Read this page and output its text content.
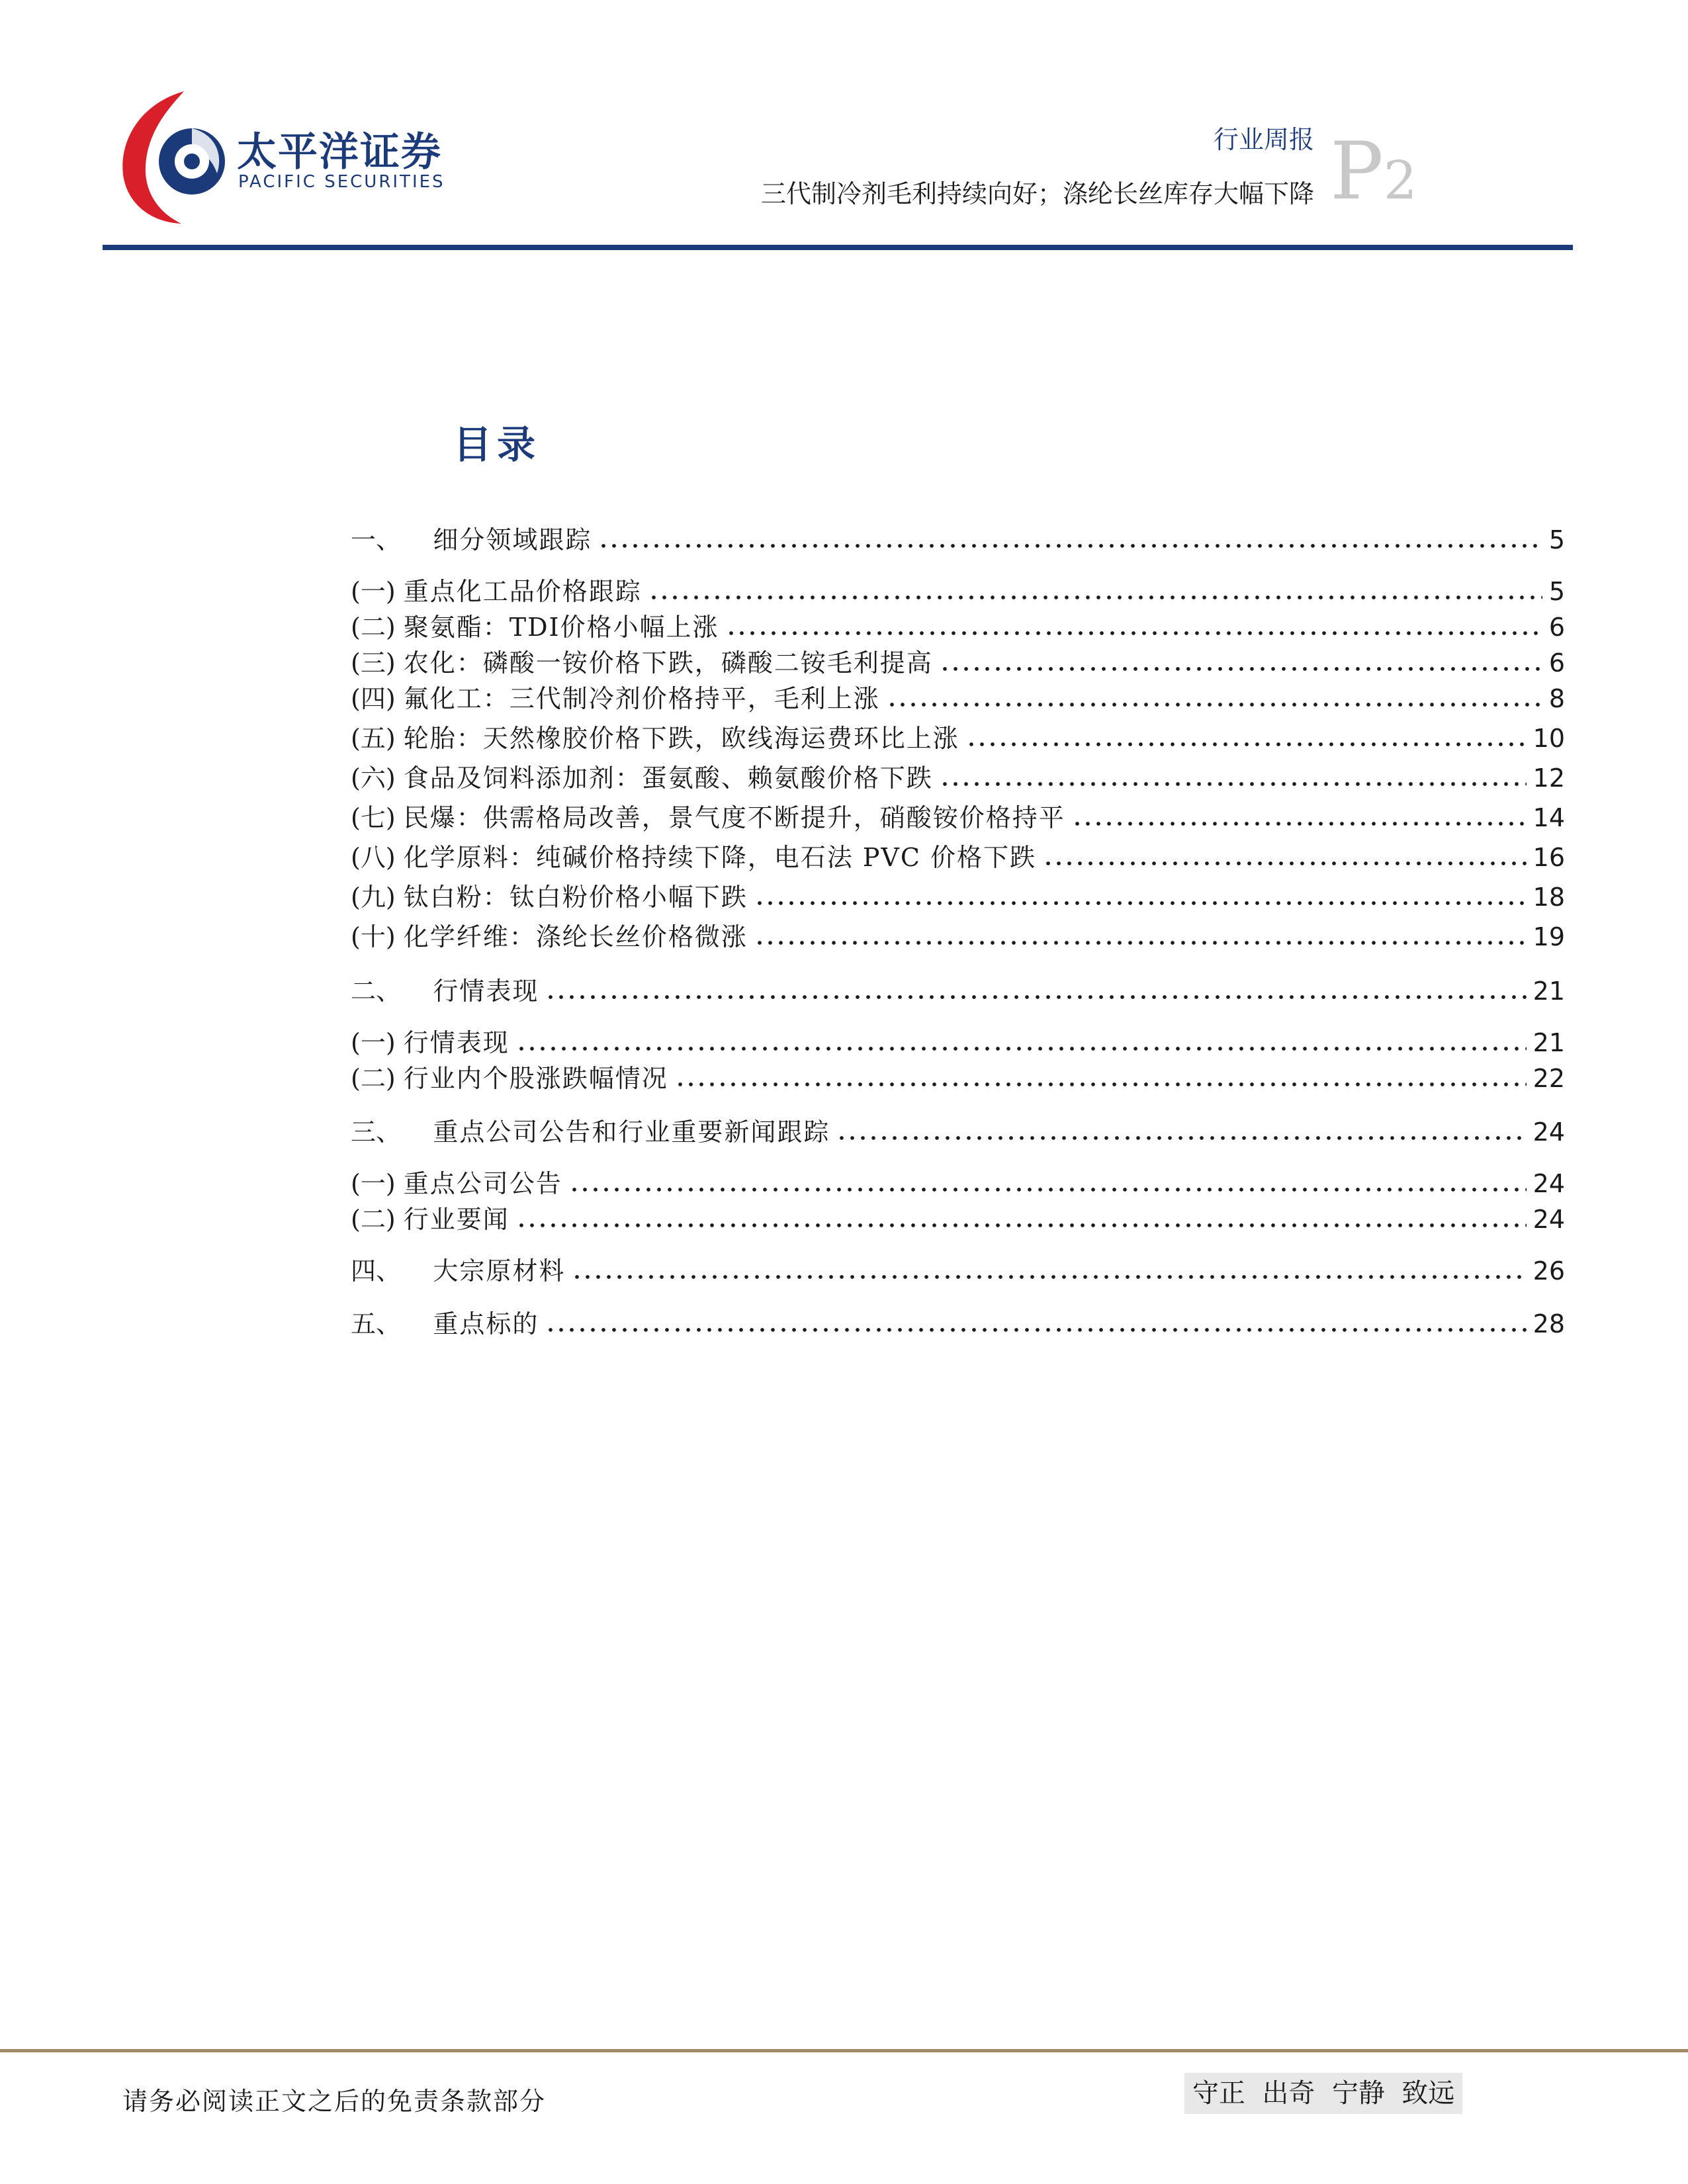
太平洋证券
PACIFIC SECURITIES
行业周报
三代制冷剂毛利持续向好；涤纶长丝库存大幅下降 P2
目录
一、 细分领域跟踪	5
(一) 重点化工品价格跟踪	5
(二) 聚氨酯：TDI价格小幅上涨	6
(三) 农化：磷酸一铵价格下跌，磷酸二铵毛利提高	6
(四) 氟化工：三代制冷剂价格持平，毛利上涨	8
(五) 轮胎：天然橡胶价格下跌，欧线海运费环比上涨	10
(六) 食品及饲料添加剂：蛋氨酸、赖氨酸价格下跌	12
(七) 民爆：供需格局改善，景气度不断提升，硝酸铵价格持平	14
(八) 化学原料：纯碱价格持续下降，电石法 PVC 价格下跌	16
(九) 钛白粉：钛白粉价格小幅下跌	18
(十) 化学纤维：涤纶长丝价格微涨	19
二、 行情表现	21
(一) 行情表现	21
(二) 行业内个股涨跌幅情况	22
三、 重点公司公告和行业重要新闻跟踪	24
(一) 重点公司公告	24
(二) 行业要闻	24
四、 大宗原材料	26
五、 重点标的	28
请务必阅读正文之后的免责条款部分	守正  出奇  宁静  致远
